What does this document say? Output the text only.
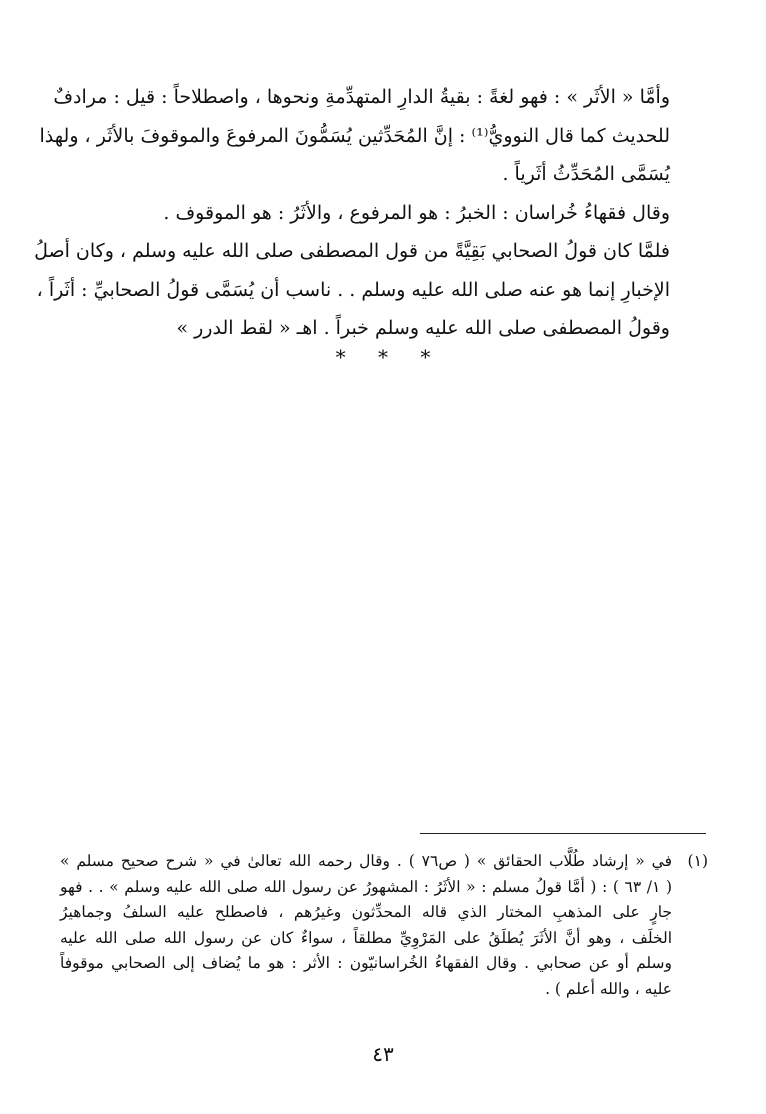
وأمَّا « الأثَر » : فهو لغةً : بقيةُ الدارِ المتهدِّمةِ ونحوها ، واصطلاحاً : قيل : مرادفٌ
للحديث كما قال النوويُّ⁽¹⁾ : إنَّ المُحَدِّثين يُسَمُّونَ المرفوعَ والموقوفَ بالأثَر ، ولهذا
يُسَمَّى المُحَدِّثُ أثَرياً .

وقال فقهاءُ خُراسان : الخبرُ : هو المرفوع ، والأثَرُ : هو الموقوف .

فلمَّا كان قولُ الصحابي بَقِيَّةً من قول المصطفى صلى الله عليه وسلم ، وكان أصلُ
الإخبارِ إنما هو عنه صلى الله عليه وسلم . . ناسب أن يُسَمَّى قولُ الصحابيِّ : أثَراً ،
وقولُ المصطفى صلى الله عليه وسلم خبراً . اهـ « لقط الدرر »

* * *
(١)
في « إرشاد طُلَّاب الحقائق » ( ص٧٦ ) . وقال رحمه الله تعالىٰ في « شرح صحيح مسلم »
( ١/ ٦٣ ) : ( أمَّا قولُ مسلم : « الأثَرُ : المشهورُ عن رسول الله صلى الله عليه وسلم » . . فهو
جارٍ على المذهبِ المختار الذي قاله المحدِّثون وغيرُهم ، فاصطلح عليه السلفُ وجماهيرُ
الخلَف ، وهو أنَّ الأثَرَ يُطلَقُ على المَرْوِيِّ مطلقاً ، سواءٌ كان عن رسول الله صلى الله عليه
وسلم أو عن صحابي . وقال الفقهاءُ الخُراسانيّون : الأثر : هو ما يُضاف إلى الصحابي موقوفاً
عليه ، والله أعلم ) .
٤٣
